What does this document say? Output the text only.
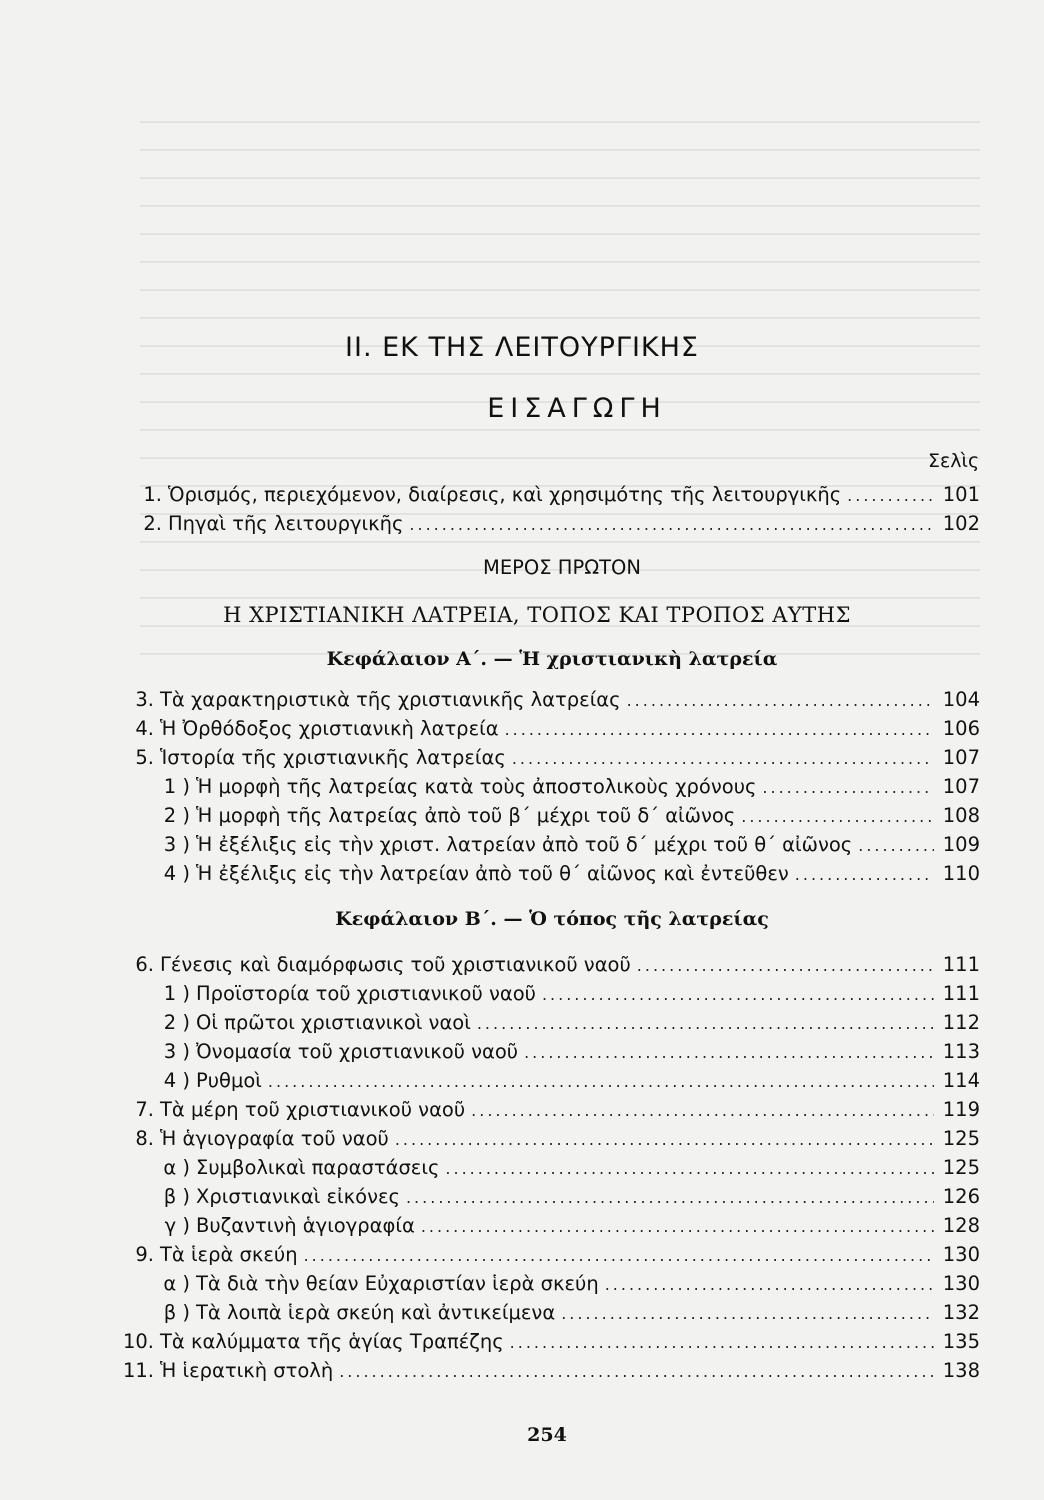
II. ΕΚ ΤΗΣ ΛΕΙΤΟΥΡΓΙΚΗΣ
ΕΙΣΑΓΩΓΗ
Σελὶς
1. Ὁρισμός, περιεχόμενον, διαίρεσις, καὶ χρησιμότης τῆς λειτουργικῆς .....	101
2. Πηγαὶ τῆς λειτουργικῆς .....	102
ΜΕΡΟΣ ΠΡΩΤΟΝ
Η ΧΡΙΣΤΙΑΝΙΚΗ ΛΑΤΡΕΙΑ, ΤΟΠΟΣ ΚΑΙ ΤΡΟΠΟΣ ΑΥΤΗΣ
Κεφάλαιον Α΄. — Ἡ χριστιανικὴ λατρεία
3. Τὰ χαρακτηριστικὰ τῆς χριστιανικῆς λατρείας .....	104
4. Ἡ Ὀρθόδοξος χριστιανικὴ λατρεία .....	106
5. Ἱστορία τῆς χριστιανικῆς λατρείας .....	107
1 ) Ἡ μορφὴ τῆς λατρείας κατὰ τοὺς ἀποστολικοὺς χρόνους .....	107
2 ) Ἡ μορφὴ τῆς λατρείας ἀπὸ τοῦ β΄ μέχρι τοῦ δ΄ αἰῶνος .....	108
3 ) Ἡ ἐξέλιξις εἰς τὴν χριστ. λατρείαν ἀπὸ τοῦ δ΄ μέχρι τοῦ θ΄ αἰῶνος .....	109
4 ) Ἡ ἐξέλιξις εἰς τὴν λατρείαν ἀπὸ τοῦ θ΄ αἰῶνος καὶ ἐντεῦθεν .....	110
Κεφάλαιον Β΄. — Ὁ τόπος τῆς λατρείας
6. Γένεσις καὶ διαμόρφωσις τοῦ χριστιανικοῦ ναοῦ .....	111
1 ) Προϊστορία τοῦ χριστιανικοῦ ναοῦ .....	111
2 ) Οἱ πρῶτοι χριστιανικοὶ ναοὶ .....	112
3 ) Ὀνομασία τοῦ χριστιανικοῦ ναοῦ .....	113
4 ) Ρυθμοὶ .....	114
7. Τὰ μέρη τοῦ χριστιανικοῦ ναοῦ .....	119
8. Ἡ ἁγιογραφία τοῦ ναοῦ .....	125
α ) Συμβολικαὶ παραστάσεις .....	125
β ) Χριστιανικαὶ εἰκόνες .....	126
γ ) Βυζαντινὴ ἁγιογραφία .....	128
9. Τὰ ἱερὰ σκεύη .....	130
α ) Τὰ διὰ τὴν θείαν Εὐχαριστίαν ἱερὰ σκεύη .....	130
β ) Τὰ λοιπὰ ἱερὰ σκεύη καὶ ἀντικείμενα .....	132
10. Τὰ καλύμματα τῆς ἁγίας Τραπέζης .....	135
11. Ἡ ἱερατικὴ στολὴ .....	138
254
